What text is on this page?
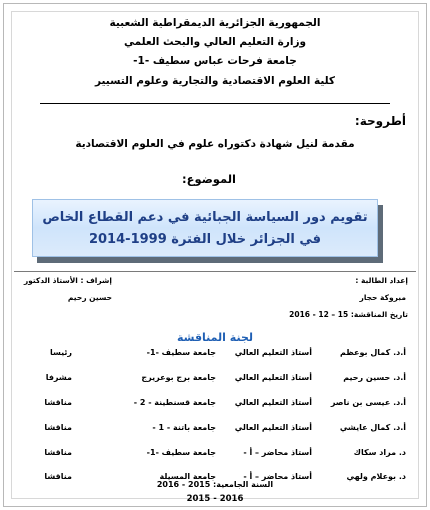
الجمهورية الجزائرية الديمقراطية الشعبية
وزارة التعليم العالي والبحث العلمي
جامعة فرحات عباس سطيف -1-
كلية العلوم الاقتصادية والتجارية وعلوم التسيير
أطروحة:
مقدمة لنيل شهادة دكتوراه علوم في العلوم الاقتصادية
الموضوع:
تقويم دور السياسة الجبائية في دعم القطاع الخاص
في الجزائر خلال الفترة 1999-2014
إعداد الطالبة :
إشراف : الأستاذ الدكتور
مبروكة حجار
حسين رحيم
تاريخ المناقشة: 15 – 12 - 2016
لجنة المناقشة
أ.د. كمال بوعظم
أستاذ التعليم العالي
جامعة سطيف -1-
رئيسا
أ.د. حسين رحيم
أستاذ التعليم العالي
جامعة برج بوعريرج
مشرفا
أ.د. عيسى بن ناصر
أستاذ التعليم العالي
جامعة قسنطينة - 2 -
مناقشا
أ.د. كمال عايشي
أستاذ التعليم العالي
جامعة باتنة - 1 -
مناقشا
د. مراد سكاك
أستاذ محاضر – أ -
جامعة سطيف -1-
مناقشا
د. بوعلام ولهي
أستاذ محاضر – أ -
جامعة المسيلة
مناقشا
السنة الجامعية: 2015 - 2016
2016 - 2015
